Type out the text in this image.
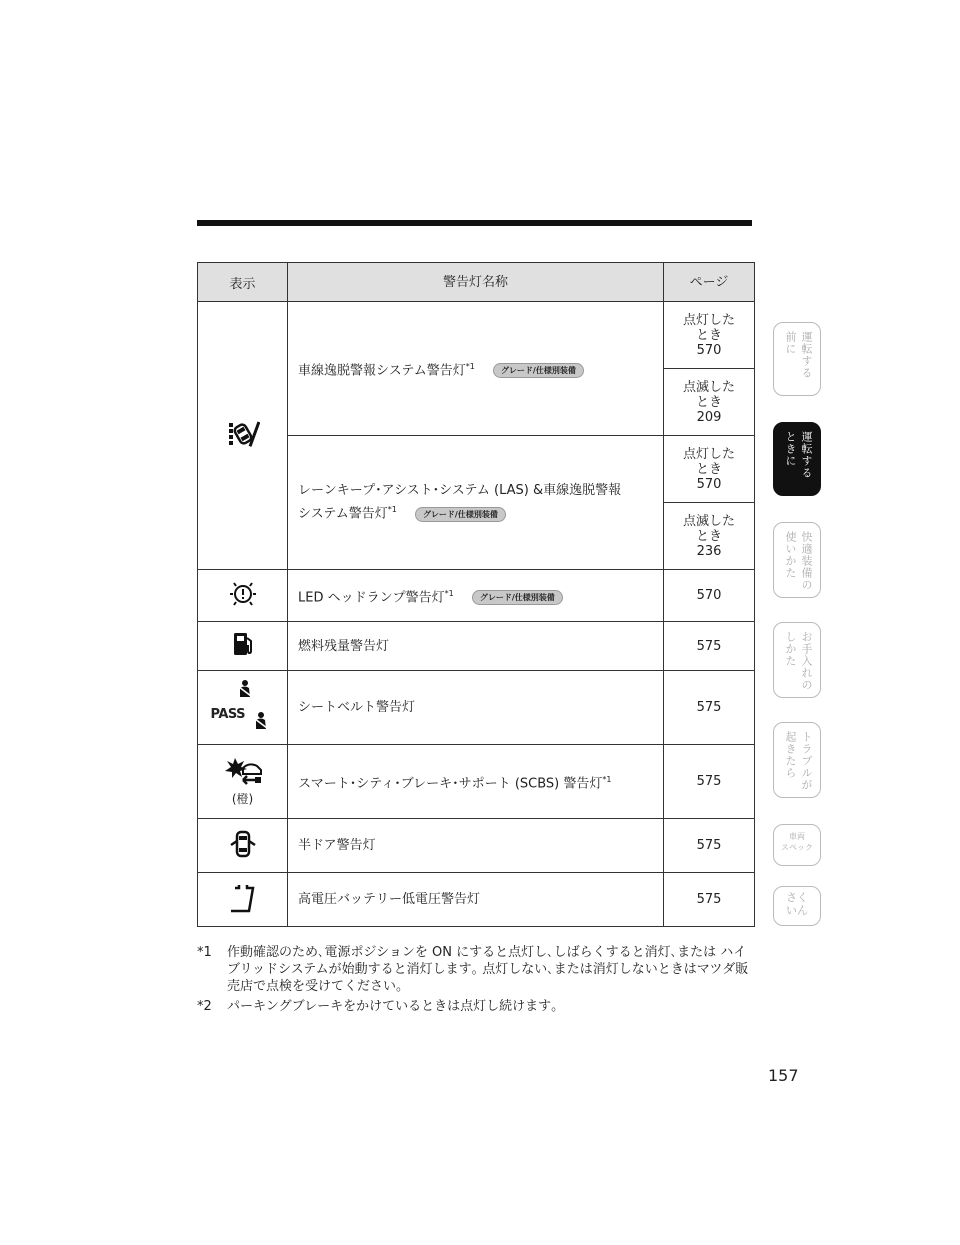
表示	警告灯名称	ページ
	車線逸脱警報システム警告灯$^{*1}$ グレード/仕様別装備	点灯した
とき
570

		点滅した
とき
209

	レーンキープ･アシスト･システム (LAS) &車線逸脱警報
システム警告灯$^{*1}$ グレード/仕様別装備	点灯した
とき
570

		点滅した
とき
236

	LED ヘッドランプ警告灯$^{*1}$ グレード/仕様別装備	570
	燃料残量警告灯	575

PASS	シートベルト警告灯	575

(橙)	スマート･シティ･ブレーキ･サポート (SCBS) 警告灯$^{*1}$	575
	半ドア警告灯	575
	高電圧バッテリー低電圧警告灯	575
*1	作動確認のため､電源ポジションを ON にすると点灯し､しばらくすると消灯､または ハイブリッドシステムが始動すると消灯します｡ 点灯しない､または消灯しないときはマツダ販売店で点検を受けてください｡
*2	パーキングブレーキをかけているときは点灯し続けます｡
157
運転する
前に
運転する
ときに
快適装備の
使いかた
お手入れの
しかた
トラブルが
起きたら
車両
スペック
さく
いん
